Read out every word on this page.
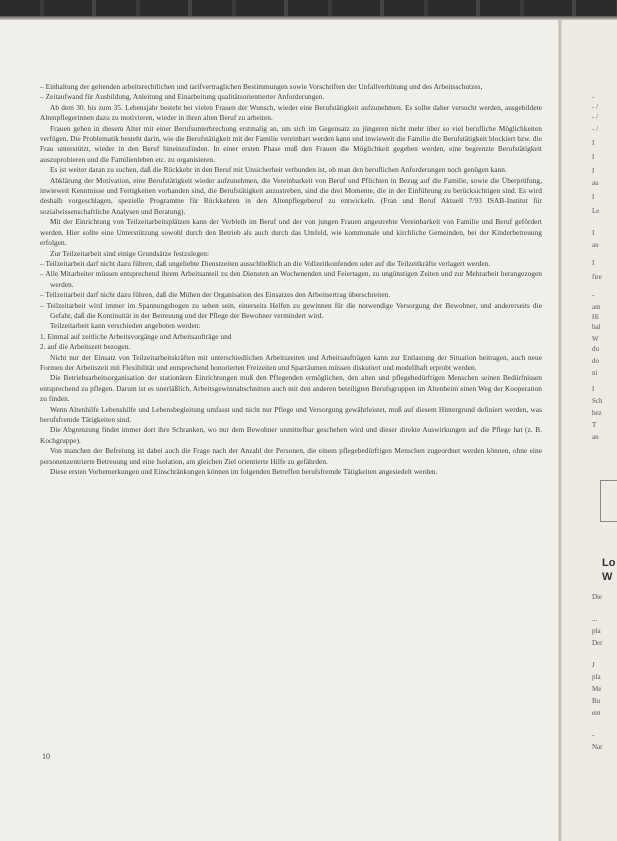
– Einhaltung der geltenden arbeitsrechtlichen und tarifvertraglichen Bestimmungen sowie Vorschriften der Unfallverhütung und des Arbeitsschutzes,

– Zeitaufwand für Ausbildung, Anleitung und Einarbeitung qualitätsorientierter Anforderungen.

Ab dem 30. bis zum 35. Lebensjahr besteht bei vielen Frauen der Wunsch, wieder eine Berufstätigkeit aufzunehmen. Es sollte daher versucht werden, ausgebildete Altenpflegerinnen dazu zu motivieren, wieder in ihren alten Beruf zu arbeiten.

Frauen gehen in diesem Alter mit einer Berufsunterbrechung erstmalig an, um sich im Gegensatz zu jüngeren nicht mehr über so viel berufliche Möglichkeiten verfügen. Die Problematik besteht darin, wie die Berufstätigkeit mit der Familie vereinbart werden kann und inwieweit die Familie die Berufstätigkeit blockiert bzw. die Frau unterstützt, wieder in den Beruf hineinzufinden. In einer ersten Phase muß den Frauen die Möglichkeit gegeben werden, eine begrenzte Berufstätigkeit auszuprobieren und die Familienleben etc. zu organisieren.

Es ist weiter daran zu suchen, daß die Rückkehr in den Beruf mit Unsicherheit verbunden ist, ob man den beruflichen Anforderungen noch genügen kann.

Abklärung der Motivation, eine Berufstätigkeit wieder aufzunehmen, die Vereinbarkeit von Beruf und Pflichten in Bezug auf die Familie, sowie die Überprüfung, inwieweit Kenntnisse und Fertigkeiten vorhanden sind, die Berufstätigkeit anzustreben, sind die drei Momente, die in der Einführung zu berücksichtigen sind. Es wird deshalb vorgeschlagen, spezielle Programme für Rückkehren in den Altenpflegeberuf zu entwickeln. (Fran und Beruf Aktuell 7/93 ISAB-Institut für sozialwissenschaftliche Analysen und Beratung).

Mit der Einrichtung von Teilzeitarbeitsplätzen kann der Verbleib im Beruf und der von jungen Frauen angestrebte Vereinbarkeit von Familie und Beruf gefördert werden. Hier sollte eine Unterstützung sowohl durch den Betrieb als auch durch das Umfeld, wie kommunale und kirchliche Gemeinden, bei der Kinderbetreuung erfolgen.

Zur Teilzeitarbeit sind einige Grundsätze festzulegen:

– Teilzeitarbeit darf nicht dazu führen, daß ungeliebte Dienstzeiten ausschließlich an die Vollzeitkonfenden oder auf die Teilzeitkräfte verlagert werden.

– Alle Mitarbeiter müssen entsprechend ihrem Arbeitsanteil zu den Diensten an Wochenenden und Feiertagen, zu ungünstigen Zeiten und zur Mehrarbeit herangezogen werden.

– Teilzeitarbeit darf nicht dazu führen, daß die Mühen der Organisation des Einsatzes den Arbeitsertrag überschreiten.

– Teilzeitarbeit wird immer im Spannungsbogen zu sehen sein, einerseits Helfen zu gewinnen für die notwendige Versorgung der Bewohner, und andererseits die Gefahr, daß die Kontinuität in der Betreuung und der Pflege der Bewohner vermindert wird.

Teilzeitarbeit kann verschieden angeboten werden:

1. Einmal auf zeitliche Arbeitsvorgänge und Arbeitsaufträge und

2. auf die Arbeitszeit bezogen.

Nicht nur der Einsatz von Teilzeitarbeitskräften mit unterschiedlichen Arbeitszeiten und Arbeitsaufträgen kann zur Entlastung der Situation beitragen, auch neue Formen der Arbeitszeit mit Flexibilität und entsprechend honorierten Freizeiten und Sparräumen müssen diskutiert und modellhaft erprobt werden.

Die Betriebsarbeitsorganisation der stationären Einrichtungen muß den Pflegenden ermöglichen, den alten und pflegebedürftigen Menschen seinen Bedürfnissen entsprechend zu pflegen. Darum ist es unerläßlich, Arbeitsgewinnabschnitten auch mit den anderen beteiligten Berufsgruppen im Altenheim einen Weg der Kooperation zu finden.

Wenn Altenhilfe Lebenshilfe und Lebensbegleitung umfasst und nicht nur Pflege und Versorgung gewährleistet, muß auf diesem Hintergrund definiert werden, was berufsfremde Tätigkeiten sind.

Die Abgrenzung findet immer dort ihre Schranken, wo nur dem Bewohner unmittelbar geschehen wird und dieser direkte Auswirkungen auf die Pflege hat (z. B. Kochgruppe).

Von manchen der Befreiung ist dabei auch die Frage nach der Anzahl der Personen, die einem pflegebedürftigen Menschen zugeordnet werden können, ohne eine personenzentrierte Betreuung und eine Isolation, am gleichen Ziel orientierte Hilfe zu gefährden.

Diese ersten Vorbemerkungen und Einschränkungen können im folgenden Betreffen berufsfremde Tätigkeiten angesiedelt werden.

10
-
- /
- /
- /
I
I
I
au
I
Le
I
au
I
fire
-
am
Hi
bal
W
du
do
ni
I
Sch
bez
T
an
Die
...
pla
Der
J
pla
Me
Bu
ent
-
Nar
Lo
W
